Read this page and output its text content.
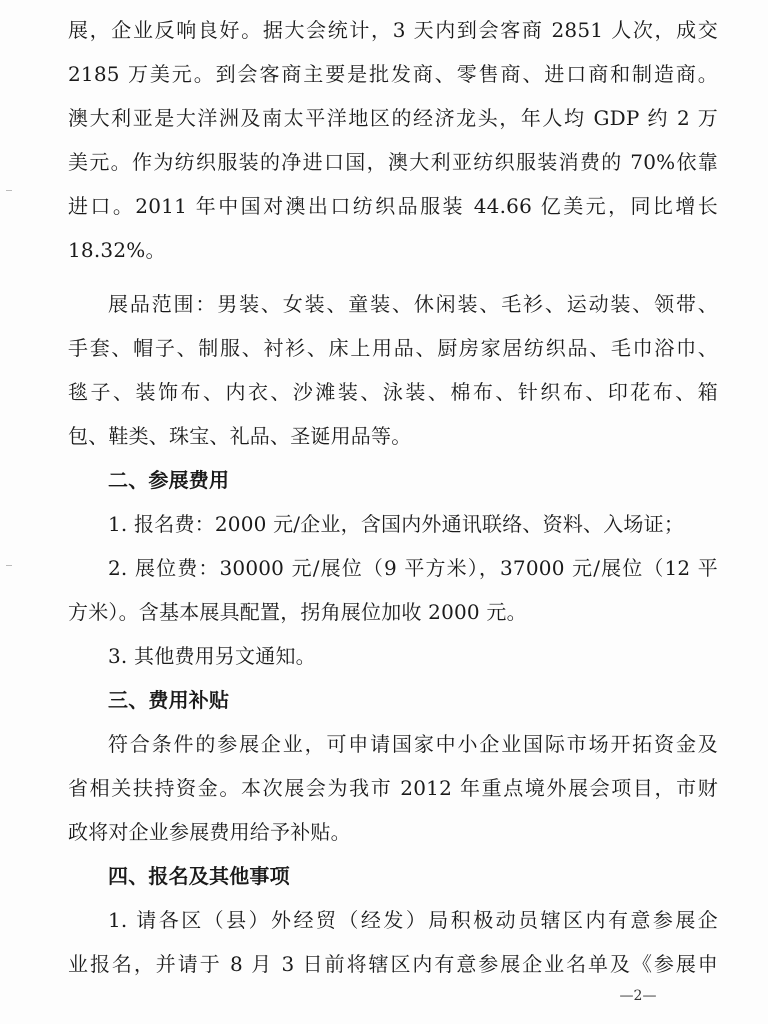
展，企业反响良好。据大会统计，3 天内到会客商 2851 人次，成交
2185 万美元。到会客商主要是批发商、零售商、进口商和制造商。
澳大利亚是大洋洲及南太平洋地区的经济龙头，年人均 GDP 约 2 万
美元。作为纺织服装的净进口国，澳大利亚纺织服装消费的 70%依靠
进口。2011 年中国对澳出口纺织品服装 44.66 亿美元，同比增长
18.32%。
展品范围：男装、女装、童装、休闲装、毛衫、运动装、领带、
手套、帽子、制服、衬衫、床上用品、厨房家居纺织品、毛巾浴巾、
毯子、装饰布、内衣、沙滩装、泳装、棉布、针织布、印花布、箱
包、鞋类、珠宝、礼品、圣诞用品等。
二、参展费用
1. 报名费：2000 元/企业，含国内外通讯联络、资料、入场证；
2. 展位费：30000 元/展位（9 平方米），37000 元/展位（12 平
方米）。含基本展具配置，拐角展位加收 2000 元。
3. 其他费用另文通知。
三、费用补贴
符合条件的参展企业，可申请国家中小企业国际市场开拓资金及
省相关扶持资金。本次展会为我市 2012 年重点境外展会项目，市财
政将对企业参展费用给予补贴。
四、报名及其他事项
1. 请各区（县）外经贸（经发）局积极动员辖区内有意参展企
业报名，并请于 8 月 3 日前将辖区内有意参展企业名单及《参展申
—2—
